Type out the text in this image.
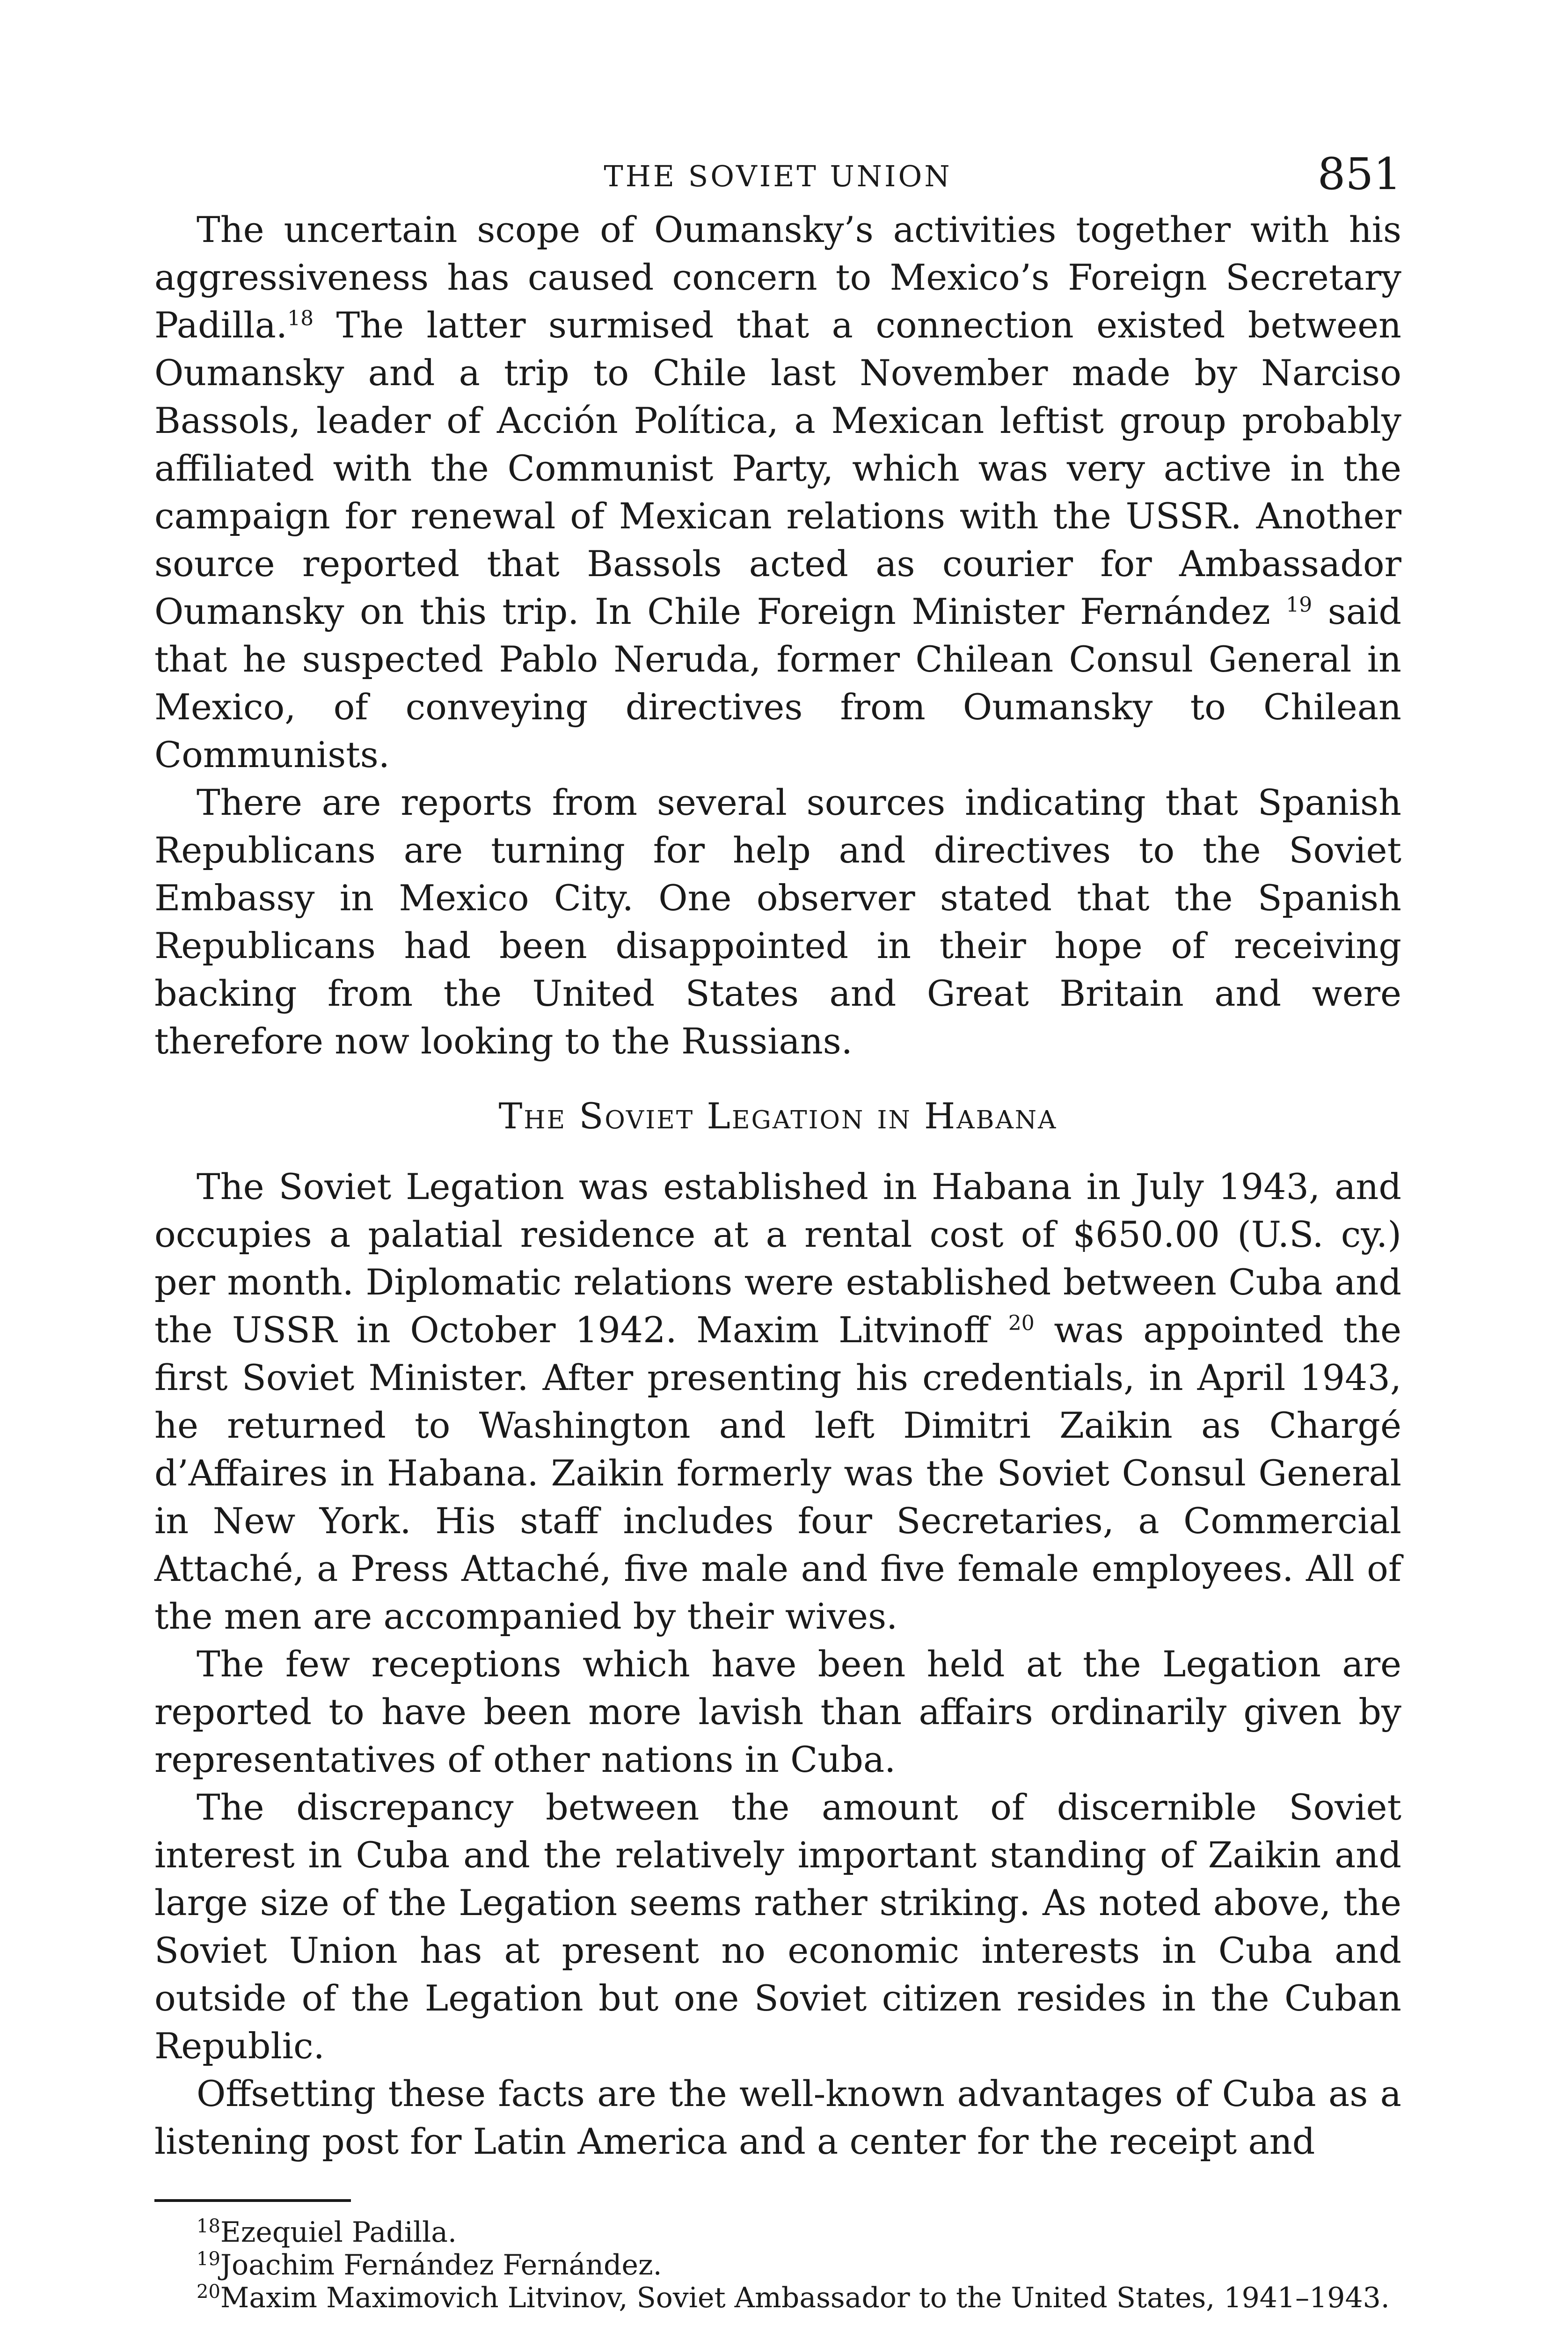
THE SOVIET UNION	851

The uncertain scope of Oumansky’s activities together with his aggressiveness has caused concern to Mexico’s Foreign Secretary Padilla.$^{18}$ The latter surmised that a connection existed between Oumansky and a trip to Chile last November made by Narciso Bassols, leader of Acción Política, a Mexican leftist group probably affiliated with the Communist Party, which was very active in the campaign for renewal of Mexican relations with the USSR. Another source reported that Bassols acted as courier for Ambassador Oumansky on this trip. In Chile Foreign Minister Fernández $^{19}$ said that he suspected Pablo Neruda, former Chilean Consul General in Mexico, of conveying directives from Oumansky to Chilean Communists.

There are reports from several sources indicating that Spanish Republicans are turning for help and directives to the Soviet Embassy in Mexico City. One observer stated that the Spanish Republicans had been disappointed in their hope of receiving backing from the United States and Great Britain and were therefore now looking to the Russians.

The Soviet Legation in Habana

The Soviet Legation was established in Habana in July 1943, and occupies a palatial residence at a rental cost of $650.00 (U.S. cy.) per month. Diplomatic relations were established between Cuba and the USSR in October 1942. Maxim Litvinoff $^{20}$ was appointed the first Soviet Minister. After presenting his credentials, in April 1943, he returned to Washington and left Dimitri Zaikin as Chargé d’Affaires in Habana. Zaikin formerly was the Soviet Consul General in New York. His staff includes four Secretaries, a Commercial Attaché, a Press Attaché, five male and five female employees. All of the men are accompanied by their wives.

The few receptions which have been held at the Legation are reported to have been more lavish than affairs ordinarily given by representatives of other nations in Cuba.

The discrepancy between the amount of discernible Soviet interest in Cuba and the relatively important standing of Zaikin and large size of the Legation seems rather striking. As noted above, the Soviet Union has at present no economic interests in Cuba and outside of the Legation but one Soviet citizen resides in the Cuban Republic.

Offsetting these facts are the well-known advantages of Cuba as a listening post for Latin America and a center for the receipt and

$^{18}$Ezequiel Padilla.

$^{19}$Joachim Fernández Fernández.

$^{20}$Maxim Maximovich Litvinov, Soviet Ambassador to the United States, 1941–1943.
